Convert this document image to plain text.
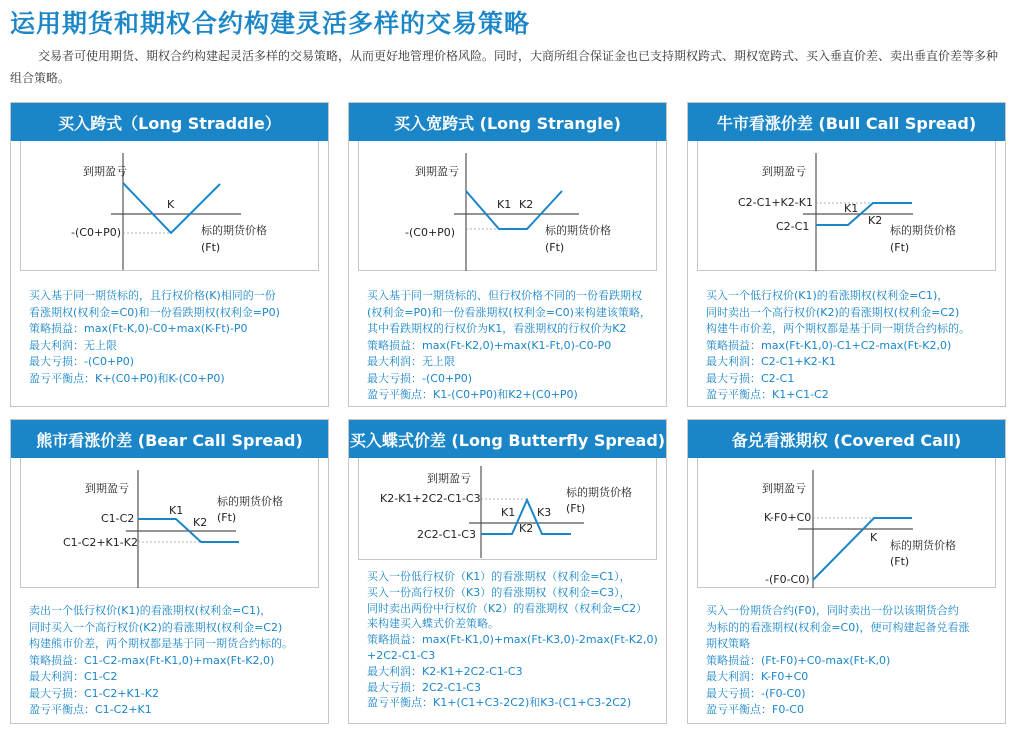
运用期货和期权合约构建灵活多样的交易策略

交易者可使用期货、期权合约构建起灵活多样的交易策略，从而更好地管理价格风险。同时，大商所组合保证金也已支持期权跨式、期权宽跨式、买入垂直价差、卖出垂直价差等多种组合策略。

买入跨式（Long Straddle）
到期盈亏
K
-(C0+P0)	标的期货价格
(Ft)
买入基于同一期货标的，且行权价格(K)相同的一份
看涨期权(权利金=C0)和一份看跌期权(权利金=P0)
策略损益：max(Ft-K,0)-C0+max(K-Ft)-P0
最大利润：无上限
最大亏损：-(C0+P0)
盈亏平衡点：K+(C0+P0)和K-(C0+P0)
买入宽跨式 (Long Strangle)
到期盈亏
K1 K2
-(C0+P0)	标的期货价格
(Ft)
买入基于同一期货标的、但行权价格不同的一份看跌期权
(权利金=P0)和一份看涨期权(权利金=C0)来构建该策略，
其中看跌期权的行权价为K1，看涨期权的行权价为K2
策略损益：max(Ft-K2,0)+max(K1-Ft,0)-C0-P0
最大利润：无上限
最大亏损：-(C0+P0)
盈亏平衡点：K1-(C0+P0)和K2+(C0+P0)
牛市看涨价差 (Bull Call Spread)
到期盈亏
C2-C1+K2-K1
C2-C1
K1
K2
标的期货价格
(Ft)
买入一个低行权价(K1)的看涨期权(权利金=C1)，
同时卖出一个高行权价(K2)的看涨期权(权利金=C2)
构建牛市价差，两个期权都是基于同一期货合约标的。
策略损益：max(Ft-K1,0)-C1+C2-max(Ft-K2,0)
最大利润：C2-C1+K2-K1
最大亏损：C2-C1
盈亏平衡点：K1+C1-C2
熊市看涨价差 (Bear Call Spread)
到期盈亏
C1-C2
C1-C2+K1-K2
K1
K2
标的期货价格
(Ft)
卖出一个低行权价(K1)的看涨期权(权利金=C1)，
同时买入一个高行权价(K2)的看涨期权(权利金=C2)
构建熊市价差，两个期权都是基于同一期货合约标的。
策略损益：C1-C2-max(Ft-K1,0)+max(Ft-K2,0)
最大利润：C1-C2
最大亏损：C1-C2+K1-K2
盈亏平衡点：C1-C2+K1
买入蝶式价差 (Long Butterfly Spread)
到期盈亏
K2-K1+2C2-C1-C3
2C2-C1-C3
K1 K3
K2
标的期货价格
(Ft)
买入一份低行权价（K1）的看涨期权（权利金=C1），
买入一份高行权价（K3）的看涨期权（权利金=C3），
同时卖出两份中行权价（K2）的看涨期权（权利金=C2）
来构建买入蝶式价差策略。
策略损益：max(Ft-K1,0)+max(Ft-K3,0)-2max(Ft-K2,0)
+2C2-C1-C3
最大利润：K2-K1+2C2-C1-C3
最大亏损：2C2-C1-C3
盈亏平衡点：K1+(C1+C3-2C2)和K3-(C1+C3-2C2)
备兑看涨期权 (Covered Call)
到期盈亏
K-F0+C0
K
-(F0-C0)
标的期货价格
(Ft)
买入一份期货合约(F0)，同时卖出一份以该期货合约
为标的的看涨期权(权利金=C0)，便可构建起备兑看涨
期权策略
策略损益：(Ft-F0)+C0-max(Ft-K,0)
最大利润：K-F0+C0
最大亏损：-(F0-C0)
盈亏平衡点：F0-C0
